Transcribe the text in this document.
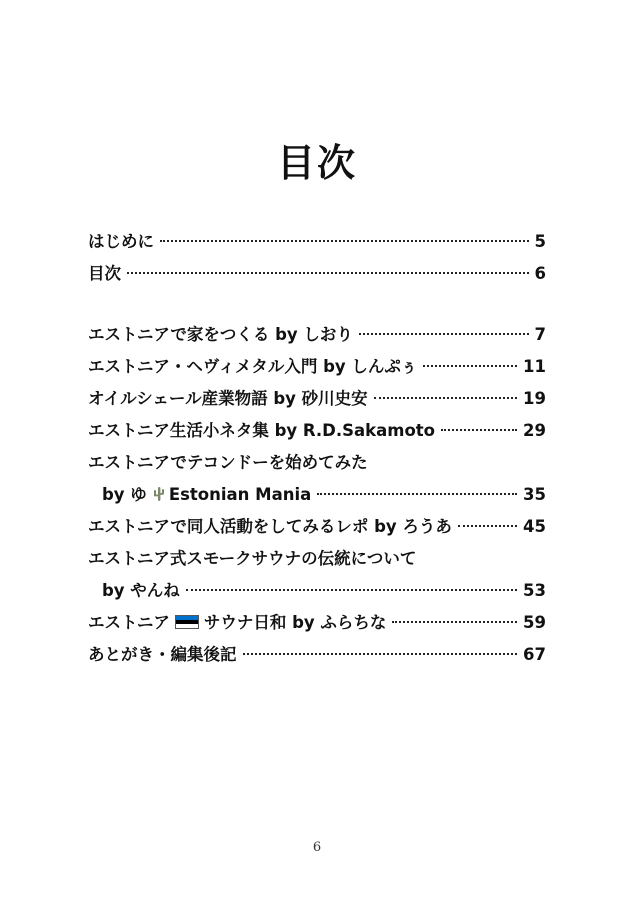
目次
はじめに	5
目次	6
エストニアで家をつくる by しおり	7
エストニア・ヘヴィメタル入門 by しんぷぅ	11
オイルシェール産業物語 by 砂川史安	19
エストニア生活小ネタ集 by R.D.Sakamoto	29
エストニアでテコンドーを始めてみた
by ゆ Estonian Mania	35
エストニアで同人活動をしてみるレポ by ろうあ	45
エストニア式スモークサウナの伝統について
by やんね	53
エストニア サウナ日和 by ふらちな	59
あとがき・編集後記	67
6
